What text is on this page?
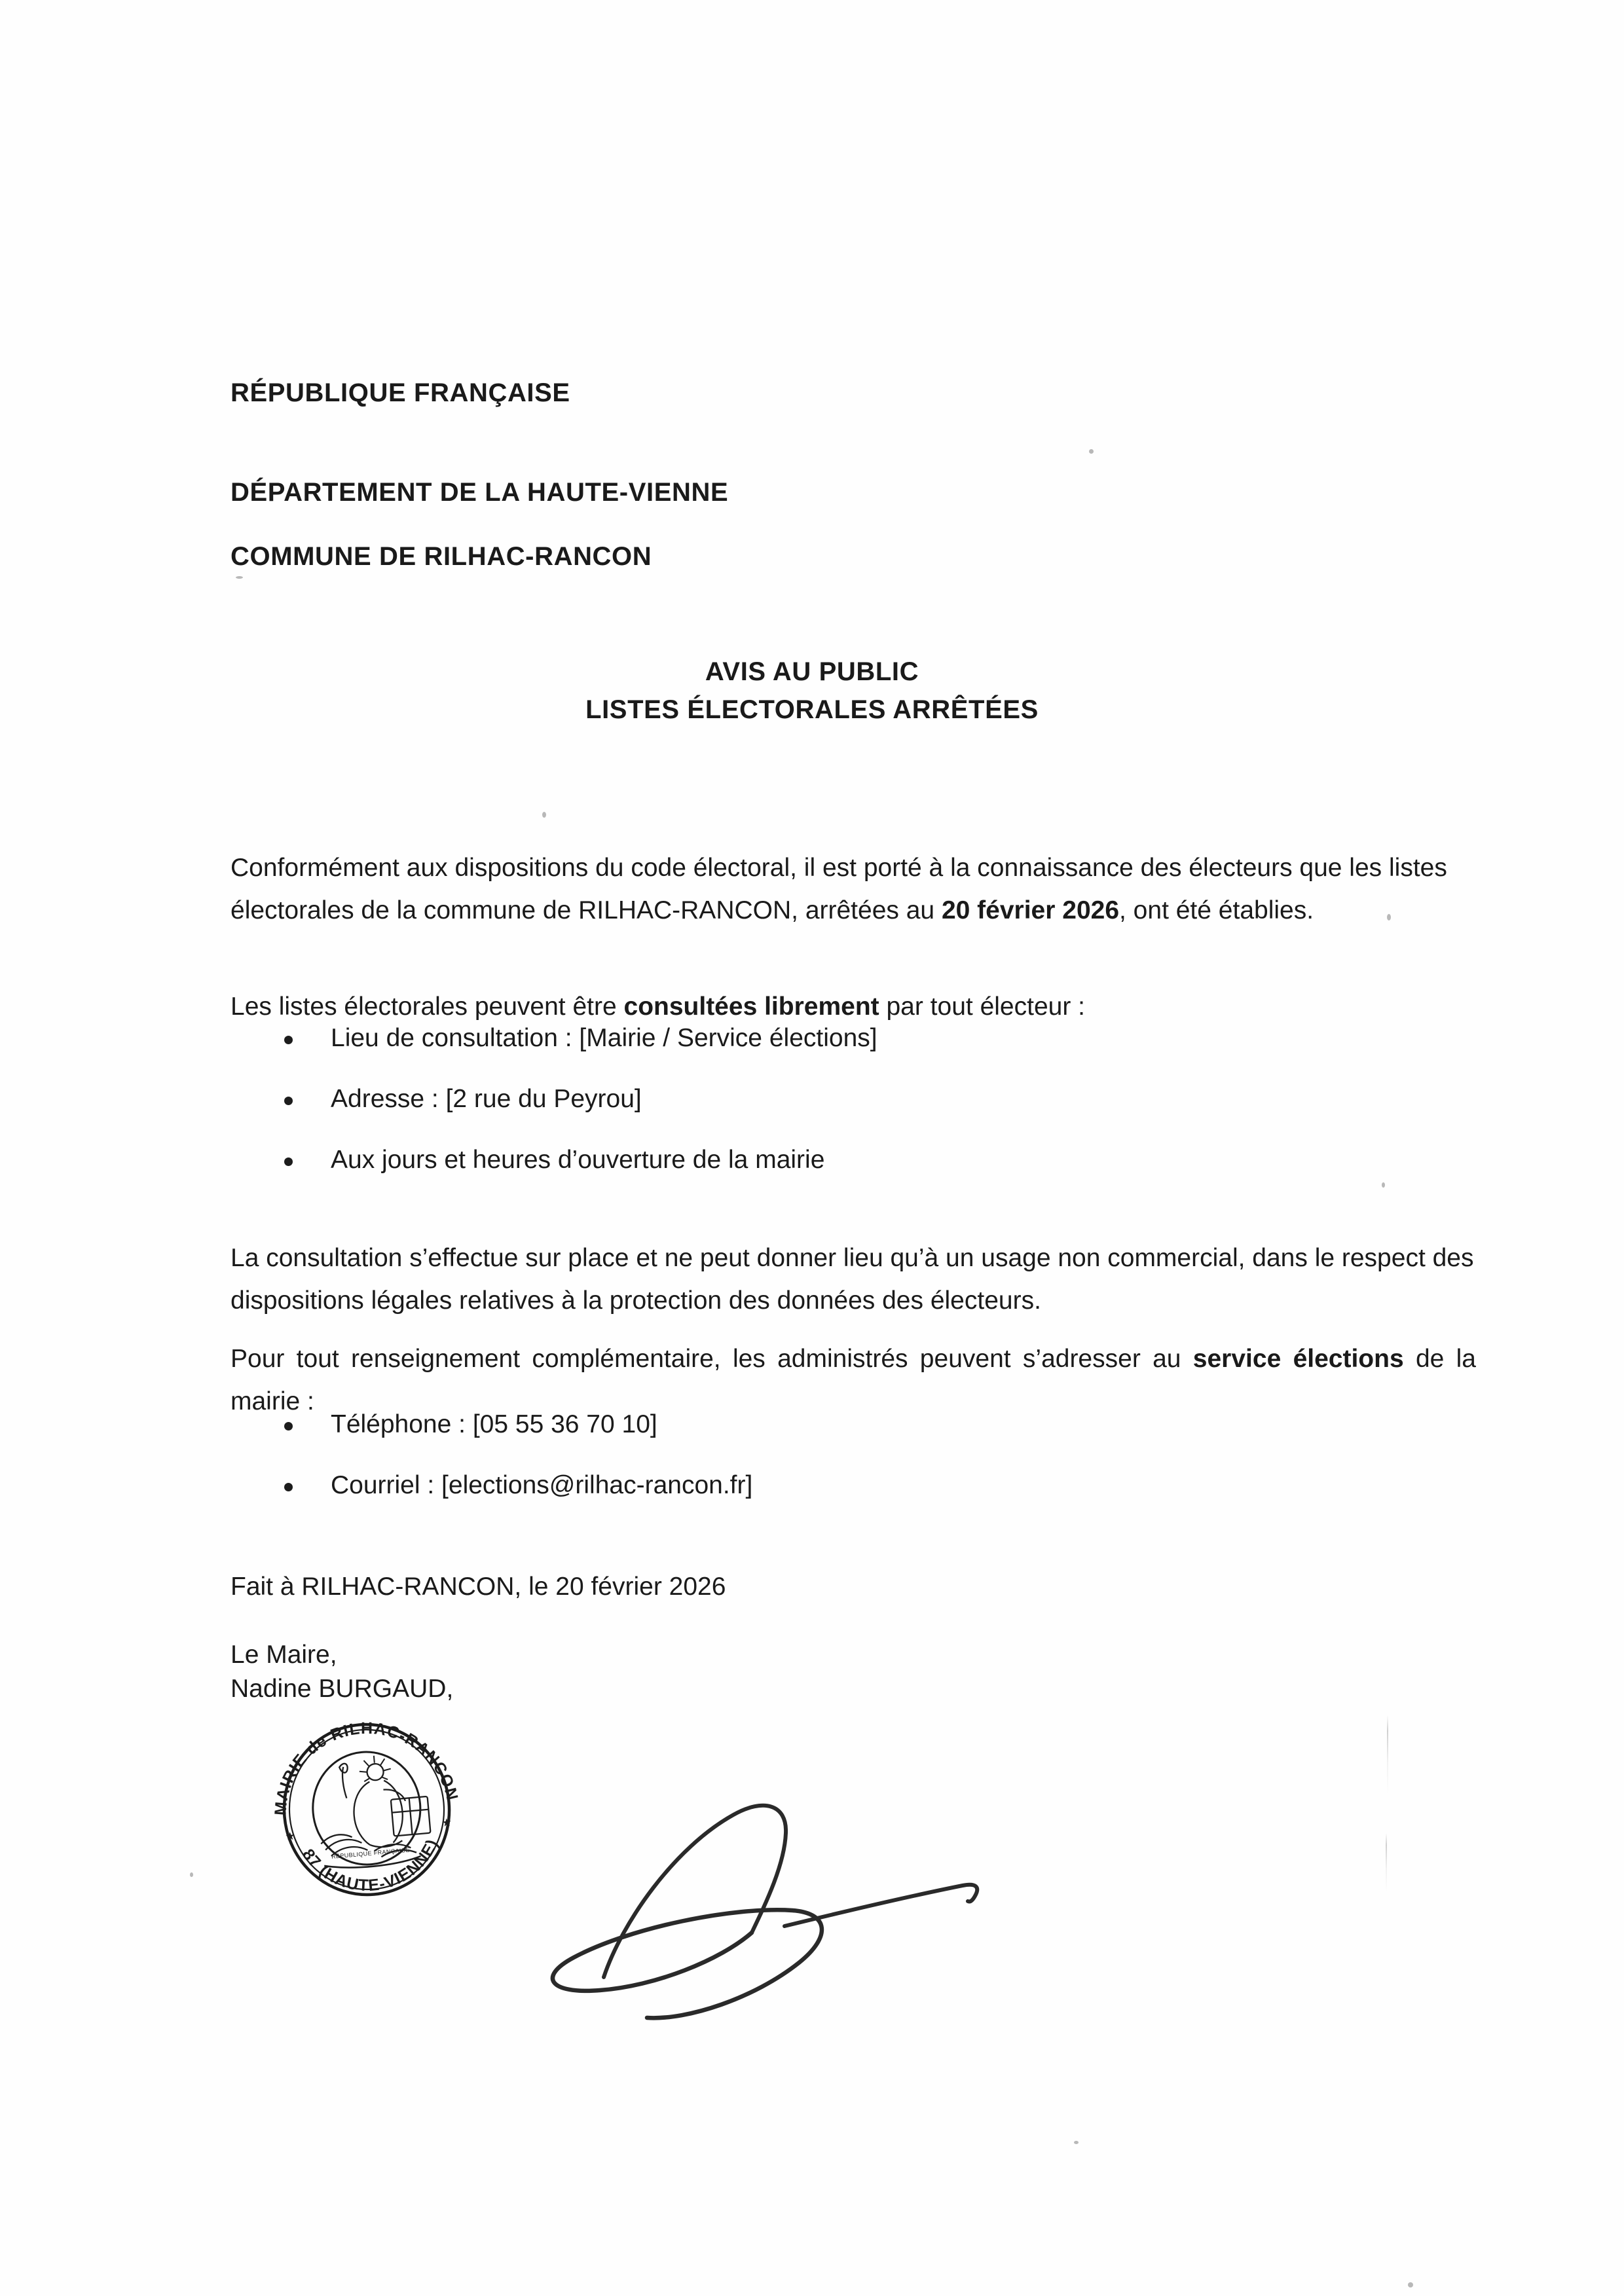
RÉPUBLIQUE FRANÇAISE
DÉPARTEMENT DE LA HAUTE-VIENNE
COMMUNE DE RILHAC-RANCON
AVIS AU PUBLIC
LISTES ÉLECTORALES ARRÊTÉES

Conformément aux dispositions du code électoral, il est porté à la connaissance des électeurs que les listes électorales de la commune de RILHAC-RANCON, arrêtées au 20 février 2026, ont été établies.

Les listes électorales peuvent être consultées librement par tout électeur :

Lieu de consultation : [Mairie / Service élections]
Adresse : [2 rue du Peyrou]
Aux jours et heures d’ouverture de la mairie

La consultation s’effectue sur place et ne peut donner lieu qu’à un usage non commercial, dans le respect des dispositions légales relatives à la protection des données des électeurs.

Pour tout renseignement complémentaire, les administrés peuvent s’adresser au service élections de la mairie :

Téléphone : [05 55 36 70 10]
Courriel : [elections@rilhac-rancon.fr]

Fait à RILHAC-RANCON, le 20 février 2026

Le Maire,

Nadine BURGAUD,

MAIRIE de RILHAC-RANCON
87 (HAUTE-VIENNE)
RÉPUBLIQUE FRANÇAISE
★
★
